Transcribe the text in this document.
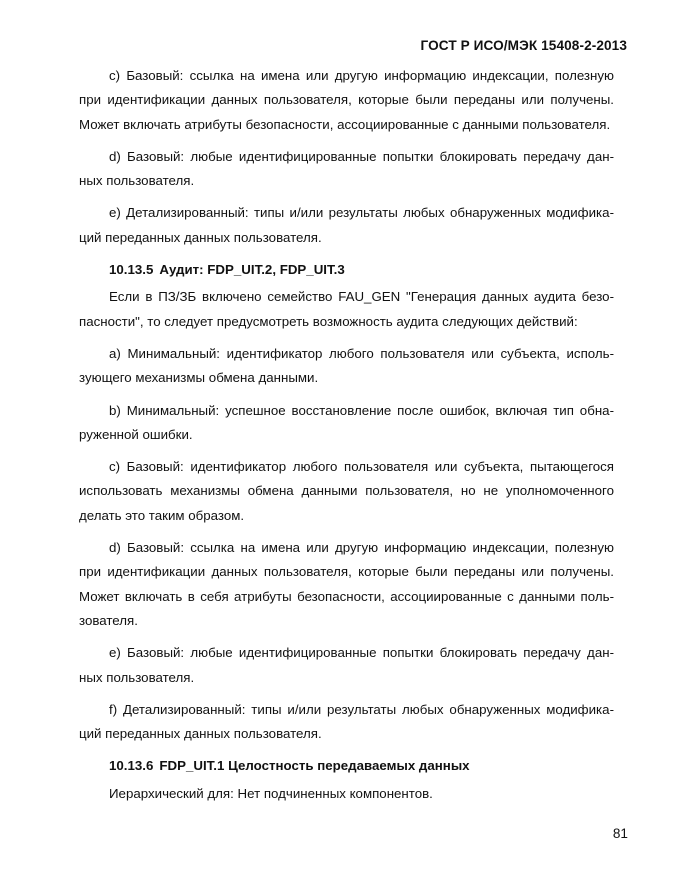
ГОСТ Р ИСО/МЭК 15408-2-2013

с) Базовый: ссылка на имена или другую информацию индексации, полезную при идентификации данных пользователя, которые были переданы или получены. Может включать атрибуты безопасности, ассоциированные с данными пользователя.

d) Базовый: любые идентифицированные попытки блокировать передачу данных пользователя.

е) Детализированный: типы и/или результаты любых обнаруженных модификаций переданных данных пользователя.

10.13.5 Аудит: FDP_UIT.2, FDP_UIT.3

Если в ПЗ/ЗБ включено семейство FAU_GEN "Генерация данных аудита безопасности", то следует предусмотреть возможность аудита следующих действий:

а) Минимальный: идентификатор любого пользователя или субъекта, использующего механизмы обмена данными.

b) Минимальный: успешное восстановление после ошибок, включая тип обнаруженной ошибки.

с) Базовый: идентификатор любого пользователя или субъекта, пытающегося использовать механизмы обмена данными пользователя, но не уполномоченного делать это таким образом.

d) Базовый: ссылка на имена или другую информацию индексации, полезную при идентификации данных пользователя, которые были переданы или получены. Может включать в себя атрибуты безопасности, ассоциированные с данными пользователя.

е) Базовый: любые идентифицированные попытки блокировать передачу данных пользователя.

f) Детализированный: типы и/или результаты любых обнаруженных модификаций переданных данных пользователя.

10.13.6 FDP_UIT.1 Целостность передаваемых данных

Иерархический для: Нет подчиненных компонентов.

81
